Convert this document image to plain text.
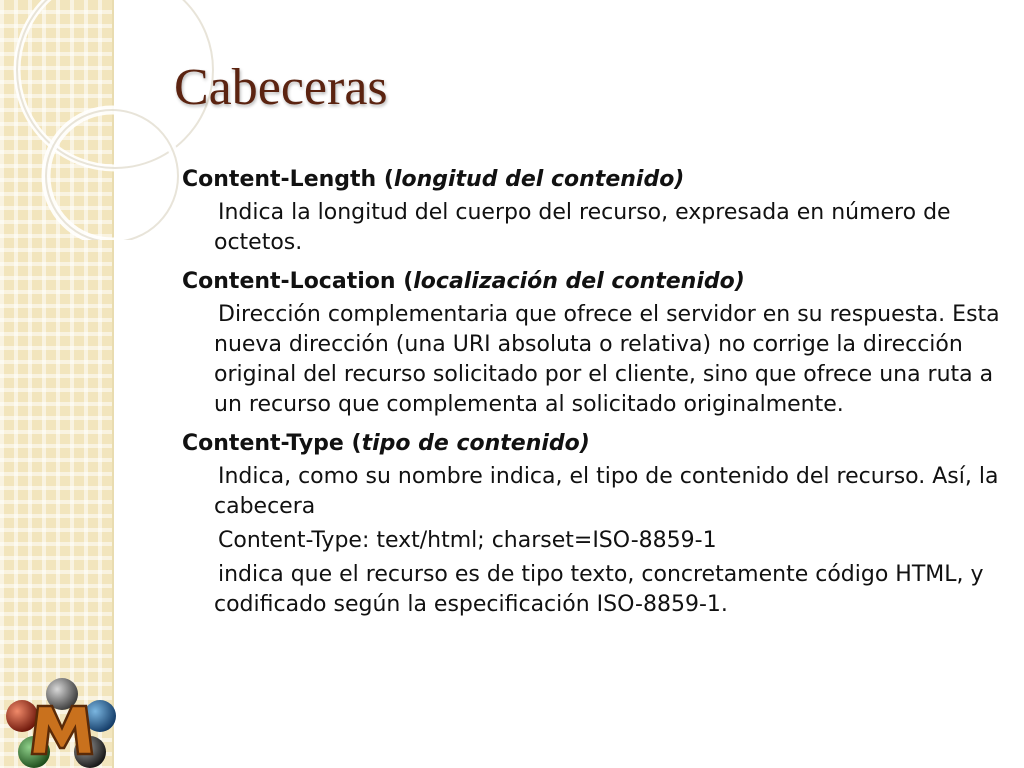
Cabeceras

Content-Length (longitud del contenido)

Indica la longitud del cuerpo del recurso, expresada en número de octetos.

Content-Location (localización del contenido)

Dirección complementaria que ofrece el servidor en su respuesta. Esta nueva dirección (una URI absoluta o relativa) no corrige la dirección original del recurso solicitado por el cliente, sino que ofrece una ruta a un recurso que complementa al solicitado originalmente.

Content-Type (tipo de contenido)

Indica, como su nombre indica, el tipo de contenido del recurso. Así, la cabecera

Content-Type: text/html; charset=ISO-8859-1

indica que el recurso es de tipo texto, concretamente código HTML, y codificado según la especificación ISO-8859-1.
